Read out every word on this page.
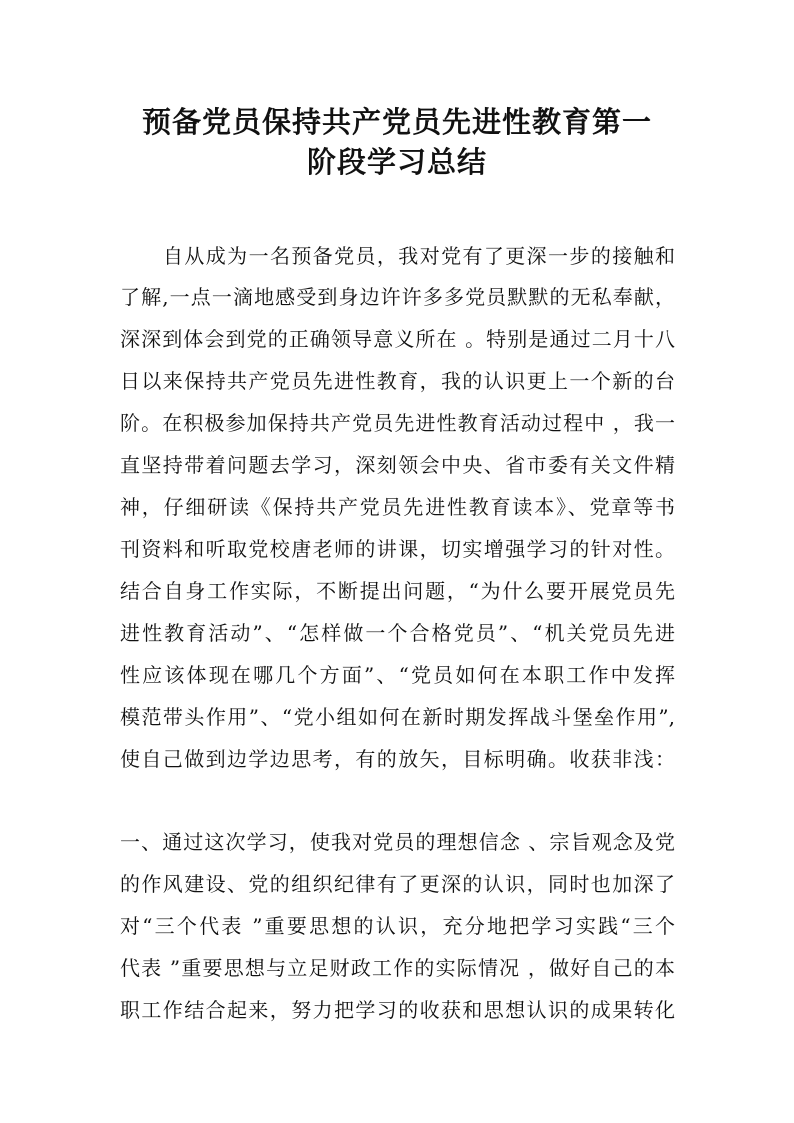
预备党员保持共产党员先进性教育第一
阶段学习总结
自从成为一名预备党员，我对党有了更深一步的接触和
了解,一点一滴地感受到身边许许多多党员默默的无私奉献，
深深到体会到党的正确领导意义所在 。特别是通过二月十八
日以来保持共产党员先进性教育，我的认识更上一个新的台
阶。在积极参加保持共产党员先进性教育活动过程中 ，我一
直坚持带着问题去学习，深刻领会中央、省市委有关文件精
神，仔细研读《保持共产党员先进性教育读本》、党章等书
刊资料和听取党校唐老师的讲课，切实增强学习的针对性。
结合自身工作实际，不断提出问题，“为什么要开展党员先
进性教育活动”、“怎样做一个合格党员”、“机关党员先进
性应该体现在哪几个方面”、“党员如何在本职工作中发挥
模范带头作用”、“党小组如何在新时期发挥战斗堡垒作用”,
使自己做到边学边思考，有的放矢，目标明确。收获非浅：
一、通过这次学习，使我对党员的理想信念 、宗旨观念及党
的作风建设、党的组织纪律有了更深的认识，同时也加深了
对“三个代表 ”重要思想的认识，充分地把学习实践“三个
代表 ”重要思想与立足财政工作的实际情况 ，做好自己的本
职工作结合起来，努力把学习的收获和思想认识的成果转化
